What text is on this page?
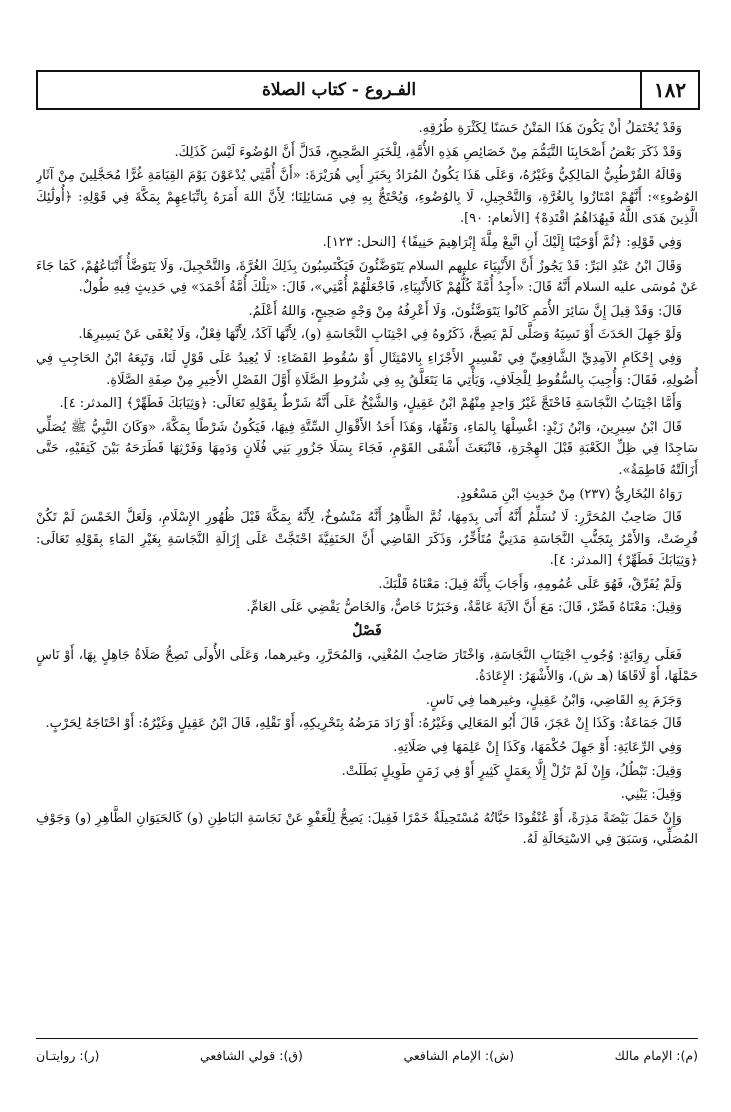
الفـروع - كتاب الصلاة	١٨٢

وَقَدْ يُحْتَمَلُ أَنْ يَكُونَ هَذَا المَتْنُ حَسَنًا لِكَثْرَةِ طُرُقِهِ.

وَقَدْ ذَكَرَ بَعْضُ أَصْحَابِنَا التَّيَمُّمَ مِنْ خَصَائِصِ هَذِهِ الأُمَّةِ، لِلْخَبَرِ الصَّحِيحِ، فَدَلَّ أَنَّ الوُضُوءَ لَيْسَ كَذَلِكَ.

وَقَالَهُ القُرْطُبِيُّ المَالِكِيُّ وَغَيْرُهُ، وَعَلَى هَذَا يَكُونُ المُرَادُ بِخَبَرِ أَبِي هُرَيْرَةَ: «أَنَّ أُمَّتِي يُدْعَوْنَ يَوْمَ القِيَامَةِ غُرًّا مُحَجَّلِينَ مِنْ آثَارِ الوُضُوءِ»: أَنَّهُمْ امْتَازُوا بِالغُرَّةِ، وَالتَّحْجِيلِ، لَا بِالوُضُوءِ، وَيُحْتَجُّ بِهِ فِي مَسَائِلِنَا؛ لِأَنَّ اللهَ أَمَرَهُ بِاتِّبَاعِهِمْ بِمَكَّةَ فِي قَوْلِهِ: ﴿أُولَٰئِكَ الَّذِينَ هَدَى اللَّهُ فَبِهُدَاهُمُ اقْتَدِهْ﴾ [الأنعام: ٩٠].

وَفِي قَوْلِهِ: ﴿ثُمَّ أَوْحَيْنَا إِلَيْكَ أَنِ اتَّبِعْ مِلَّةَ إِبْرَاهِيمَ حَنِيفًا﴾ [النحل: ١٢٣].

وَقَالَ ابْنُ عَبْدِ البَرِّ: قَدْ يَجُوزُ أَنَّ الأَنْبِيَاءَ عليهم السلام يَتَوَضَّئُونَ فَيَكْتَسِبُونَ بِذَلِكَ الغُرَّةَ، وَالتَّحْجِيلَ، وَلَا يَتَوَضَّأُ أَتْبَاعُهُمْ، كَمَا جَاءَ عَنْ مُوسَى عليه السلام أَنَّهُ قَالَ: «أَجِدُ أُمَّةً كُلُّهُمْ كَالأَنْبِيَاءِ، فَاجْعَلْهُمْ أُمَّتِي»، قَالَ: «تِلْكَ أُمَّةُ أَحْمَدَ» فِي حَدِيثٍ فِيهِ طُولٌ.

قَالَ: وَقَدْ قِيلَ إِنَّ سَائِرَ الأُمَمِ كَانُوا يَتَوَضَّئُونَ، وَلَا أَعْرِفُهُ مِنْ وَجْهٍ صَحِيحٍ، وَاللهُ أَعْلَمُ.

وَلَوْ جَهِلَ الحَدَثَ أَوْ نَسِيَهُ وَصَلَّى لَمْ يَصِحَّ، ذَكَرُوهُ فِي اجْتِنَابِ النَّجَاسَةِ (و)، لِأَنَّهَا آكَدُ، لِأَنَّهَا فِعْلٌ، وَلَا يُعْفَى عَنْ يَسِيرِهَا.

وَفِي إِحْكَامِ الآمِدِيِّ الشَّافِعِيِّ فِي تَفْسِيرِ الأَجْزَاءِ بِالامْتِثَالِ أَوْ سُقُوطِ القَضَاءِ: لَا يُعِيدُ عَلَى قَوْلٍ لَنَا، وَتَبِعَهُ ابْنُ الحَاجِبِ فِي أُصُولِهِ، فَقَالَ: وَأُجِيبَ بِالسُّقُوطِ لِلْخِلَافِ، وَيَأْتِي مَا يَتَعَلَّقُ بِهِ فِي شُرُوطِ الصَّلَاةِ أَوَّلَ الفَصْلِ الأَخِيرِ مِنْ صِفَةِ الصَّلَاةِ.

وَأَمَّا اجْتِنَابُ النَّجَاسَةِ فَاحْتَجَّ غَيْرُ وَاحِدٍ مِنْهُمْ ابْنُ عَقِيلٍ، وَالشَّيْخُ عَلَى أَنَّهُ شَرْطٌ بِقَوْلِهِ تَعَالَى: ﴿وَثِيَابَكَ فَطَهِّرْ﴾ [المدثر: ٤].

قَالَ ابْنُ سِيرِينَ، وَابْنُ زَيْدٍ: اغْسِلْهَا بِالمَاءِ، وَنَقِّهَا، وَهَذَا أَحَدُ الأَقْوَالِ السِّتَّةِ فِيهَا، فَيَكُونُ شَرْطًا بِمَكَّةَ، «وَكَانَ النَّبِيُّ ﷺ يُصَلِّي سَاجِدًا فِي ظِلِّ الكَعْبَةِ قَبْلَ الهِجْرَةِ، فَانْبَعَثَ أَشْقَى القَوْمِ، فَجَاءَ بِسَلَا جَزُورِ بَنِي فُلَانٍ وَدَمِهَا وَفَرْثِهَا فَطَرَحَهُ بَيْنَ كَتِفَيْهِ، حَتَّى أَزَالَتْهُ فَاطِمَةُ».

رَوَاهُ البُخَارِيُّ (٢٣٧) مِنْ حَدِيثِ ابْنِ مَسْعُودٍ.

قَالَ صَاحِبُ المُحَرَّرِ: لَا نُسَلِّمُ أَنَّهُ أَتَى بِدَمِهَا، ثُمَّ الظَّاهِرُ أَنَّهُ مَنْسُوخٌ، لِأَنَّهُ بِمَكَّةَ قَبْلَ ظُهُورِ الإِسْلَامِ، وَلَعَلَّ الخَمْسَ لَمْ تَكُنْ فُرِضَتْ، وَالأَمْرُ بِتَجَنُّبِ النَّجَاسَةِ مَدَنِيٌّ مُتَأَخِّرٌ، وَذَكَرَ القَاضِي أَنَّ الحَنَفِيَّةَ احْتَجَّتْ عَلَى إِزَالَةِ النَّجَاسَةِ بِغَيْرِ المَاءِ بِقَوْلِهِ تَعَالَى: ﴿وَثِيَابَكَ فَطَهِّرْ﴾ [المدثر: ٤].

وَلَمْ يُفَرِّقْ، فَهُوَ عَلَى عُمُومِهِ، وَأَجَابَ بِأَنَّهُ قِيلَ: مَعْنَاهُ قَلْبَكَ.

وَقِيلَ: مَعْنَاهُ قَصِّرْ، قَالَ: مَعَ أَنَّ الآيَةَ عَامَّةٌ، وَخَبَرُنَا خَاصٌّ، وَالخَاصُّ يَقْضِي عَلَى العَامِّ.

فَصْلٌ

فَعَلَى رِوَايَةٍ: وُجُوبِ اجْتِنَابِ النَّجَاسَةِ، وَاخْتَارَ صَاحِبُ المُغْنِي، وَالمُحَرَّرِ، وغيرهما، وَعَلَى الأُولَى تَصِحُّ صَلَاةُ جَاهِلٍ بِهَا، أَوْ نَاسٍ حَمْلَهَا، أَوْ لَاقَاهَا (هـ ش)، وَالأَشْهَرُ: الإِعَادَةُ.

وَجَزَمَ بِهِ القَاضِي، وَابْنُ عَقِيلٍ، وغيرهما فِي نَاسٍ.

قَالَ جَمَاعَةٌ: وَكَذَا إِنْ عَجَزَ، قَالَ أَبُو المَعَالِي وَغَيْرُهُ: أَوْ زَادَ مَرَضُهُ بِتَحْرِيكِهِ، أَوْ نَقْلِهِ، قَالَ ابْنُ عَقِيلٍ وَغَيْرُهُ: أَوْ احْتَاجَهُ لِحَرْبٍ.

وَفِي الرِّعَايَةِ: أَوْ جَهِلَ حُكْمَهَا، وَكَذَا إِنْ عَلِمَهَا فِي صَلَاتِهِ.

وَقِيلَ: تَبْطُلُ، وَإِنْ لَمْ تَزُلْ إِلَّا بِعَمَلٍ كَثِيرٍ أَوْ فِي زَمَنٍ طَوِيلٍ بَطَلَتْ.

وَقِيلَ: يَبْنِي.

وَإِنْ حَمَلَ بَيْضَةً مَذِرَةً، أَوْ عُنْقُودًا حَبَّاتُهُ مُسْتَحِيلَةٌ خَمْرًا فَقِيلَ: يَصِحُّ لِلْعَفْوِ عَنْ نَجَاسَةِ البَاطِنِ (و) كَالحَيَوَانِ الطَّاهِرِ (و) وَجَوْفِ المُصَلِّي، وَسَبَقَ فِي الاسْتِحَالَةِ لَهُ.

(م): الإمام مالك
(ش): الإمام الشافعي
(ق): قولي الشافعي
(ر): روايتـان
